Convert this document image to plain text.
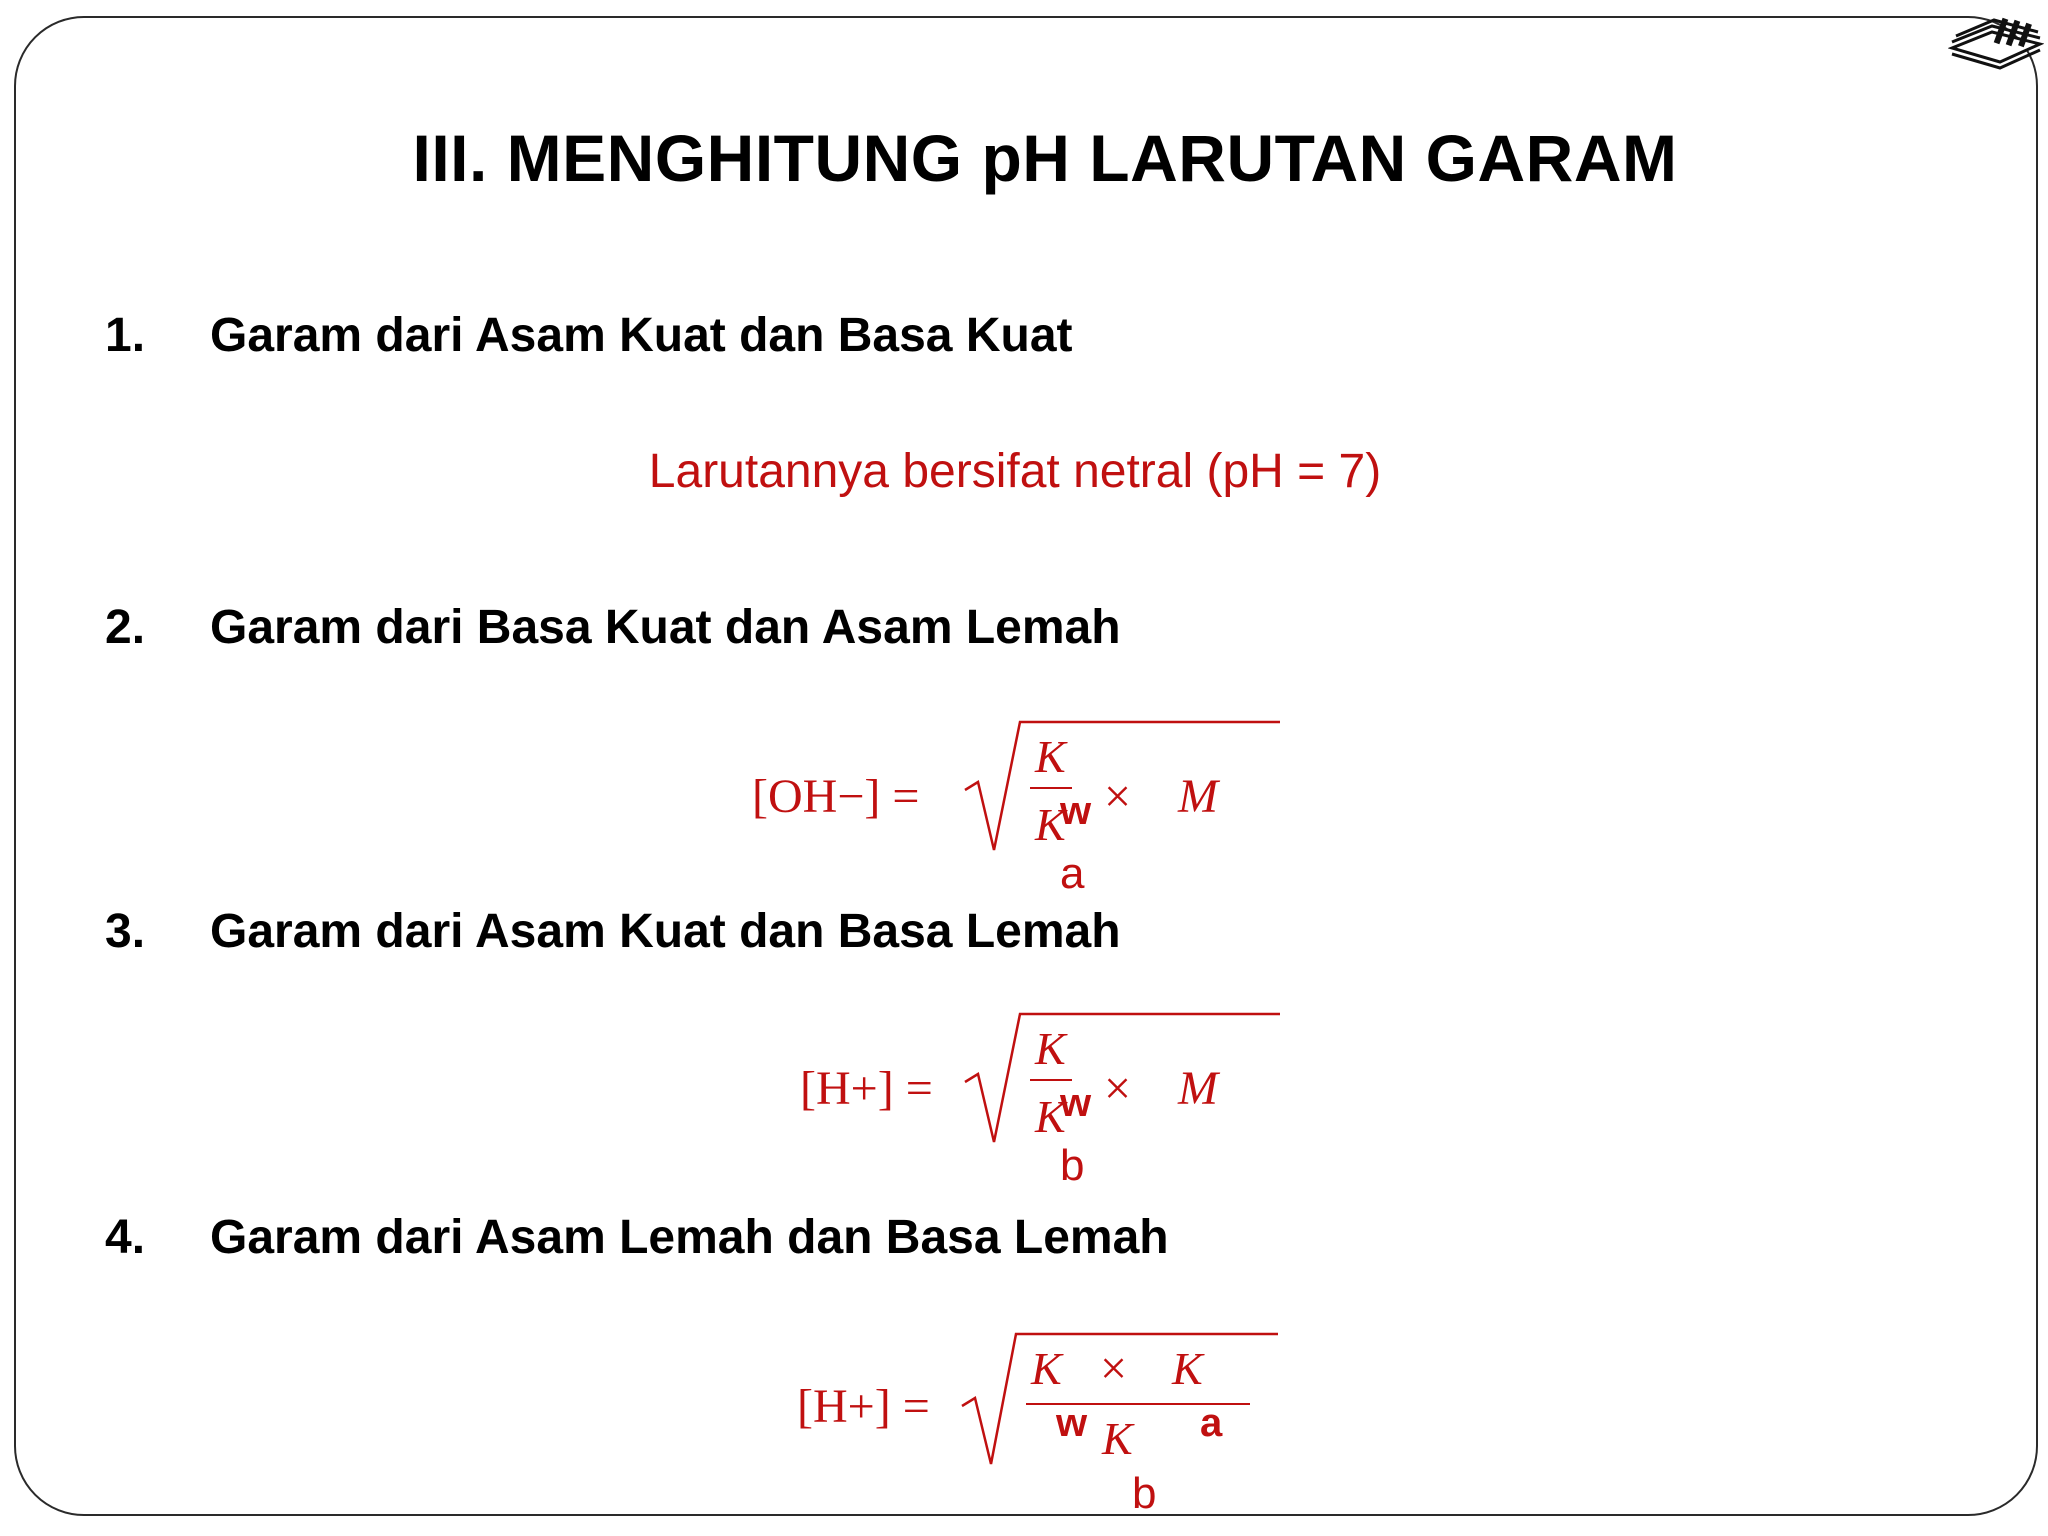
III. MENGHITUNG pH LARUTAN GARAM
1. Garam dari Asam Kuat dan Basa Kuat
Larutannya bersifat netral (pH = 7)
2. Garam dari Basa Kuat dan Asam Lemah
[OH−] =
K
w
K
× M
a
3. Garam dari Asam Kuat dan Basa Lemah
[H+] =
K
w
K
× M
b
4. Garam dari Asam Lemah dan Basa Lemah
[H+] =
K × K
w	a
K
b
